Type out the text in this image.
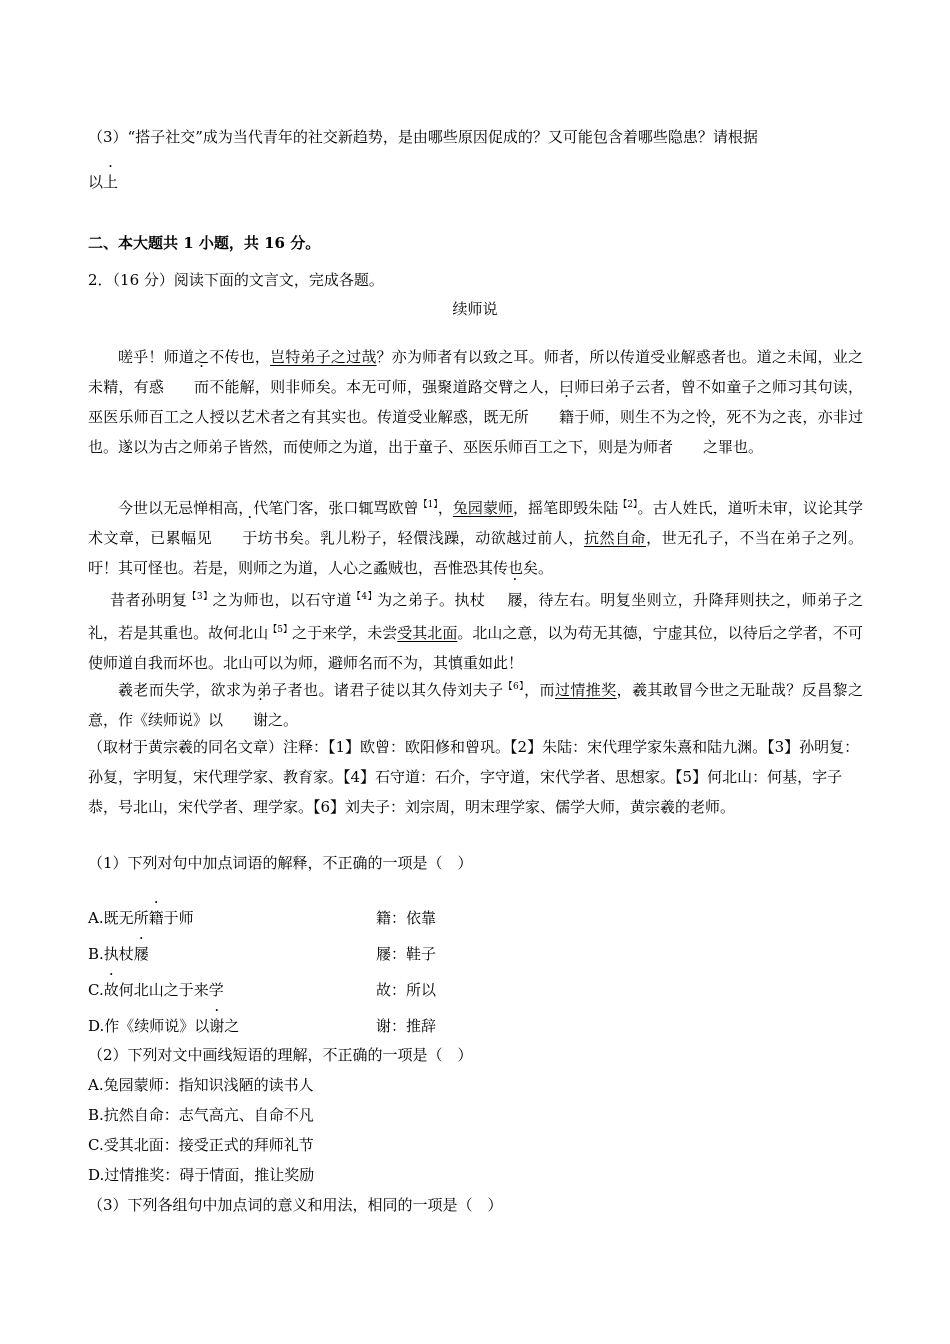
（3）“搭子社交”成为当代青年的社交新趋势，是由哪些原因促成的？又可能包含着哪些隐患？请根据
以上
二、本大题共 1 小题，共 16 分。
2．（16 分）阅读下面的文言文，完成各题。
续师说
嗟乎！师道之不传也，岂特弟子之过哉？亦为师者有以致之耳。师者，所以传道受业解惑者也。道之未闻，业之未精，有惑 而不能解，则非师矣。本无可师，强聚道路交臂之人，曰师曰弟子云者，曾不如童子之师习其句读，巫医乐师百工之人授以艺术者之有其实也。传道受业解惑，既无所 籍于师，则生不为之怜，死不为之丧，亦非过也。遂以为古之师弟子皆然，而使师之为道，出于童子、巫医乐师百工之下，则是为师者 之罪也。
今世以无忌惮相高，代笔门客，张口辄骂欧曾$^{【1】}$，兔园蒙师，摇笔即毁朱陆$^{【2】}$。古人姓氏，道听未审，议论其学术文章，已累幅见 于坊书矣。乳儿粉子，轻儇浅躁，动欲越过前人，抗然自命，世无孔子，不当在弟子之列。吁！其可怪也。若是，则师之为道，人心之蟊贼也，吾惟恐其传也矣。
昔者孙明复$^{【3】}$之为师也，以石守道$^{【4】}$为之弟子。执杖 屦，待左右。明复坐则立，升降拜则扶之，师弟子之礼，若是其重也。故何北山$^{【5】}$之于来学，未尝受其北面。北山之意，以为苟无其德，宁虚其位，以待后之学者，不可使师道自我而坏也。北山可以为师，避师名而不为，其慎重如此！
羲老而失学，欲求为弟子者也。诸君子徒以其久侍刘夫子$^{【6】}$，而过情推奖，羲其敢冒今世之无耻哉？反昌黎之意，作《续师说》以 谢之。
（取材于黄宗羲的同名文章）注释：【1】欧曾：欧阳修和曾巩。【2】朱陆：宋代理学家朱熹和陆九渊。【3】孙明复：孙复，字明复，宋代理学家、教育家。【4】石守道：石介，字守道，宋代学者、思想家。【5】何北山：何基，字子恭，号北山，宋代学者、理学家。【6】刘夫子：刘宗周，明末理学家、儒学大师，黄宗羲的老师。
（1）下列对句中加点词语的解释，不正确的一项是（　）
A.既无所籍于师	籍：依靠
B.执杖屦	屦：鞋子
C.故何北山之于来学	故：所以
D.作《续师说》以谢之	谢：推辞
（2）下列对文中画线短语的理解，不正确的一项是（　）
A.兔园蒙师：指知识浅陋的读书人
B.抗然自命：志气高亢、自命不凡
C.受其北面：接受正式的拜师礼节
D.过情推奖：碍于情面，推让奖励
（3）下列各组句中加点词的意义和用法，相同的一项是（　）
